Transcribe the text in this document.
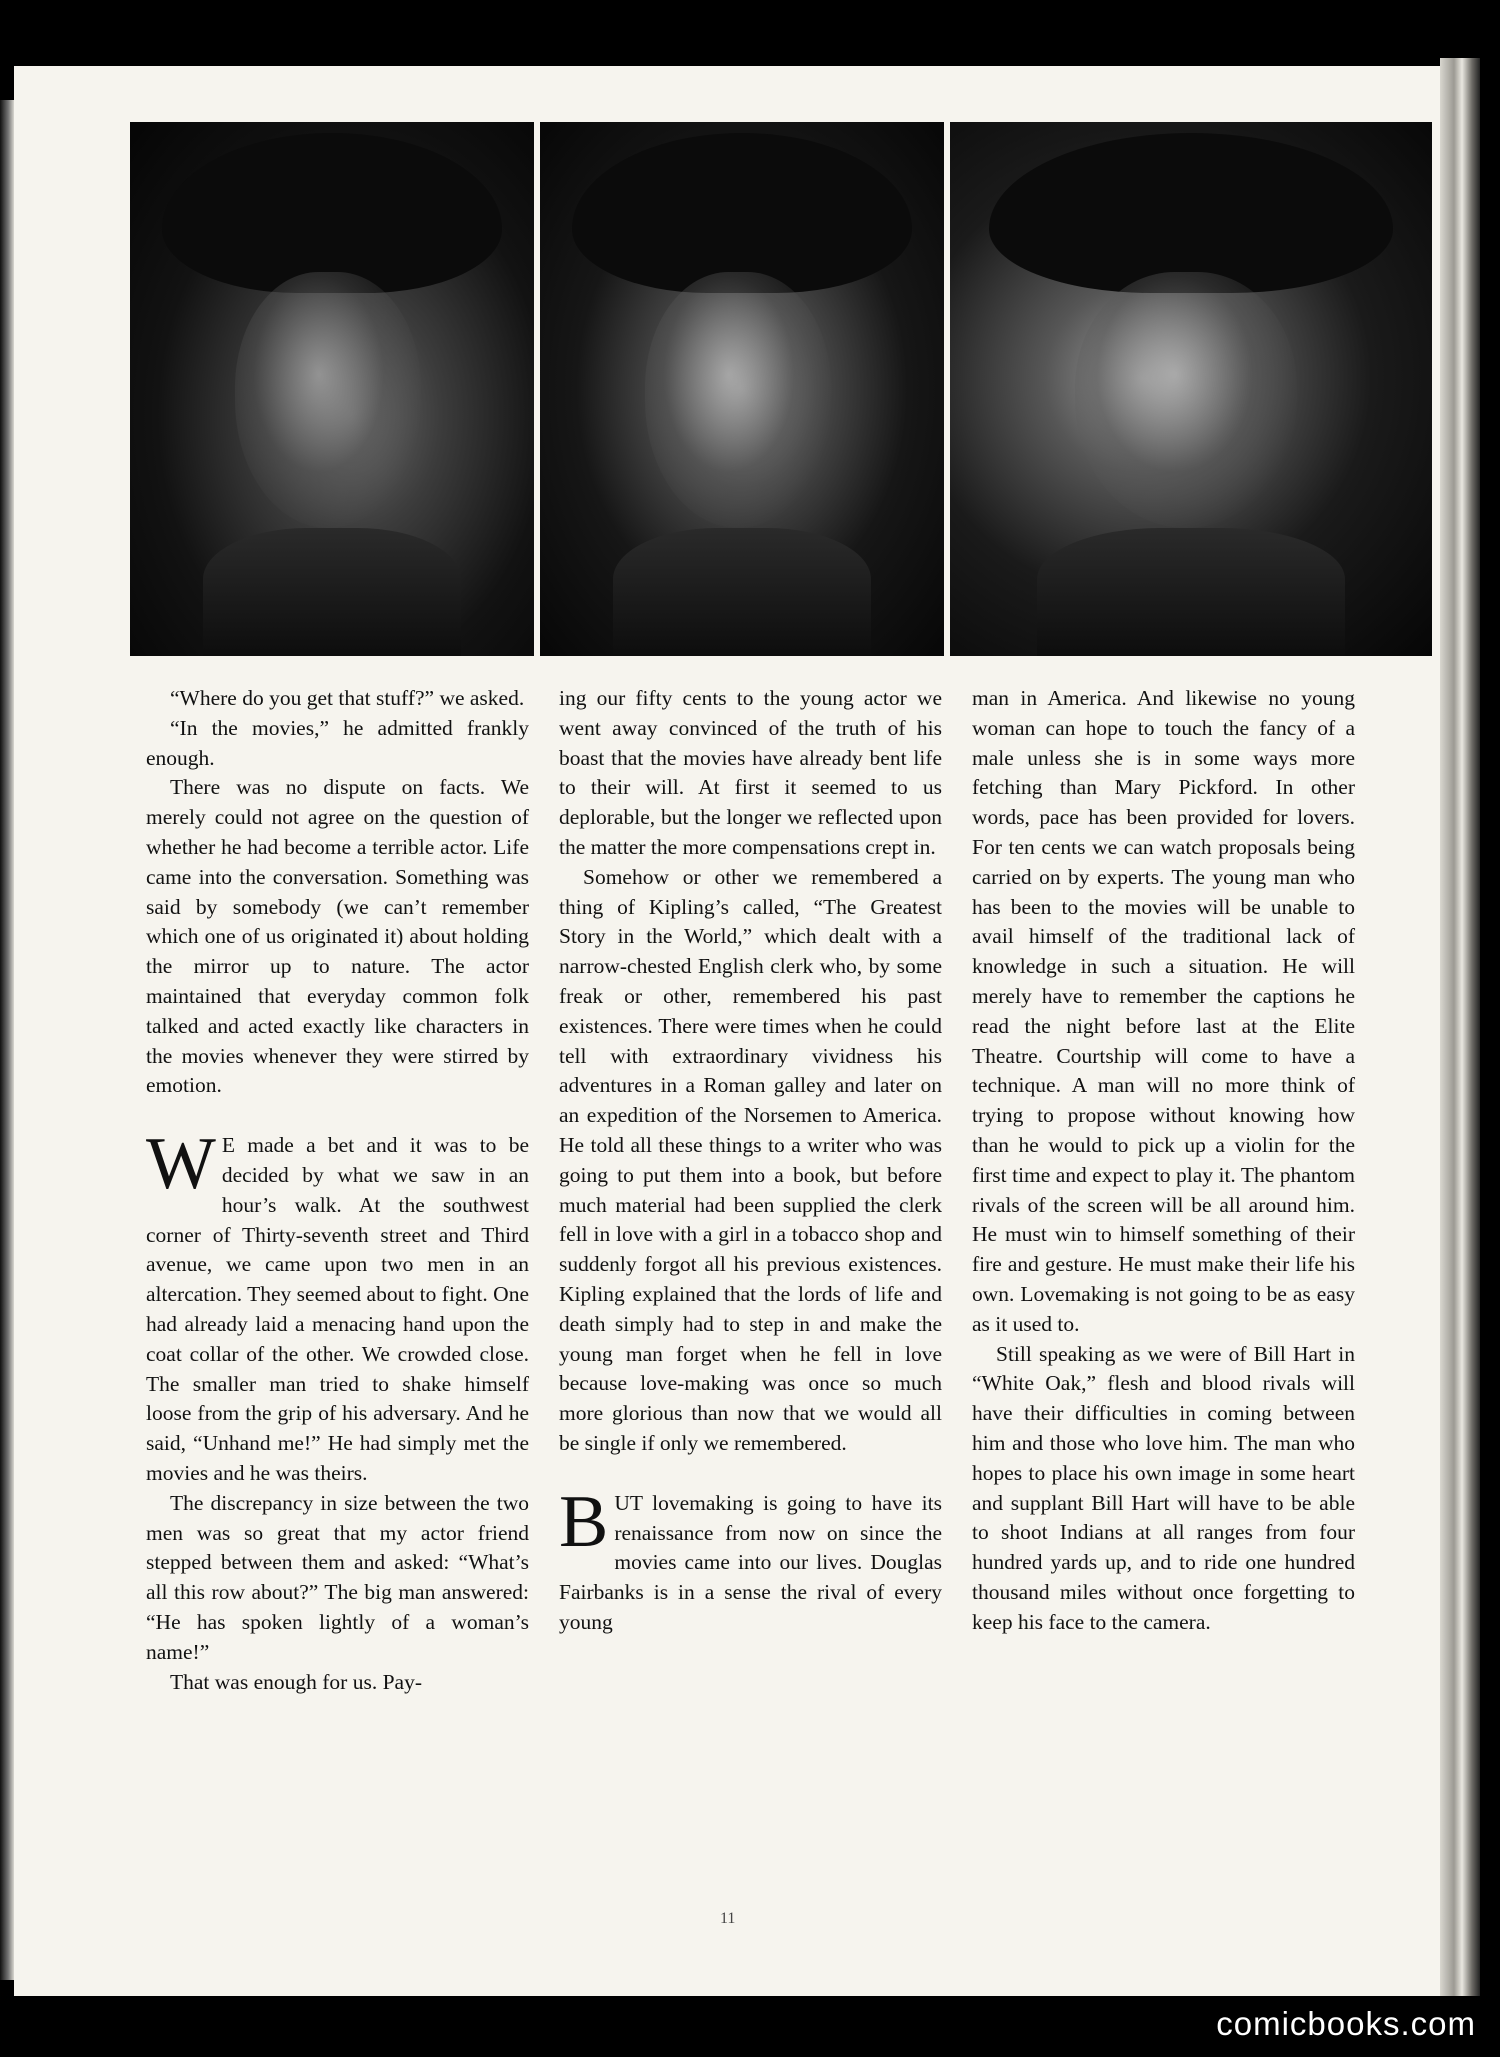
“Where do you get that stuff?” we asked.

“In the movies,” he admitted frankly enough.

There was no dispute on facts. We merely could not agree on the question of whether he had become a terrible actor. Life came into the conversation. Something was said by somebody (we can’t remember which one of us originated it) about holding the mirror up to nature. The actor maintained that everyday common folk talked and acted exactly like characters in the movies whenever they were stirred by emotion.

W E made a bet and it was to be decided by what we saw in an hour’s walk. At the southwest corner of Thirty-seventh street and Third avenue, we came upon two men in an altercation. They seemed about to fight. One had already laid a menacing hand upon the coat collar of the other. We crowded close. The smaller man tried to shake himself loose from the grip of his adversary. And he said, “Unhand me!” He had simply met the movies and he was theirs.

The discrepancy in size between the two men was so great that my actor friend stepped between them and asked: “What’s all this row about?” The big man answered: “He has spoken lightly of a woman’s name!”

That was enough for us. Pay-

ing our fifty cents to the young actor we went away convinced of the truth of his boast that the movies have already bent life to their will. At first it seemed to us deplorable, but the longer we reflected upon the matter the more compensations crept in.

Somehow or other we remembered a thing of Kipling’s called, “The Greatest Story in the World,” which dealt with a narrow-chested English clerk who, by some freak or other, remembered his past existences. There were times when he could tell with extraordinary vividness his adventures in a Roman galley and later on an expedition of the Norsemen to America. He told all these things to a writer who was going to put them into a book, but before much material had been supplied the clerk fell in love with a girl in a tobacco shop and suddenly forgot all his previous existences. Kipling explained that the lords of life and death simply had to step in and make the young man forget when he fell in love because love-making was once so much more glorious than now that we would all be single if only we remembered.

BUT lovemaking is going to have its renaissance from now on since the movies came into our lives. Douglas Fairbanks is in a sense the rival of every young

man in America. And likewise no young woman can hope to touch the fancy of a male unless she is in some ways more fetching than Mary Pickford. In other words, pace has been provided for lovers. For ten cents we can watch proposals being carried on by experts. The young man who has been to the movies will be unable to avail himself of the traditional lack of knowledge in such a situation. He will merely have to remember the captions he read the night before last at the Elite Theatre. Courtship will come to have a technique. A man will no more think of trying to propose without knowing how than he would to pick up a violin for the first time and expect to play it. The phantom rivals of the screen will be all around him. He must win to himself something of their fire and gesture. He must make their life his own. Lovemaking is not going to be as easy as it used to.

Still speaking as we were of Bill Hart in “White Oak,” flesh and blood rivals will have their difficulties in coming between him and those who love him. The man who hopes to place his own image in some heart and supplant Bill Hart will have to be able to shoot Indians at all ranges from four hundred yards up, and to ride one hundred thousand miles without once forgetting to keep his face to the camera.

11
comicbooks.com
